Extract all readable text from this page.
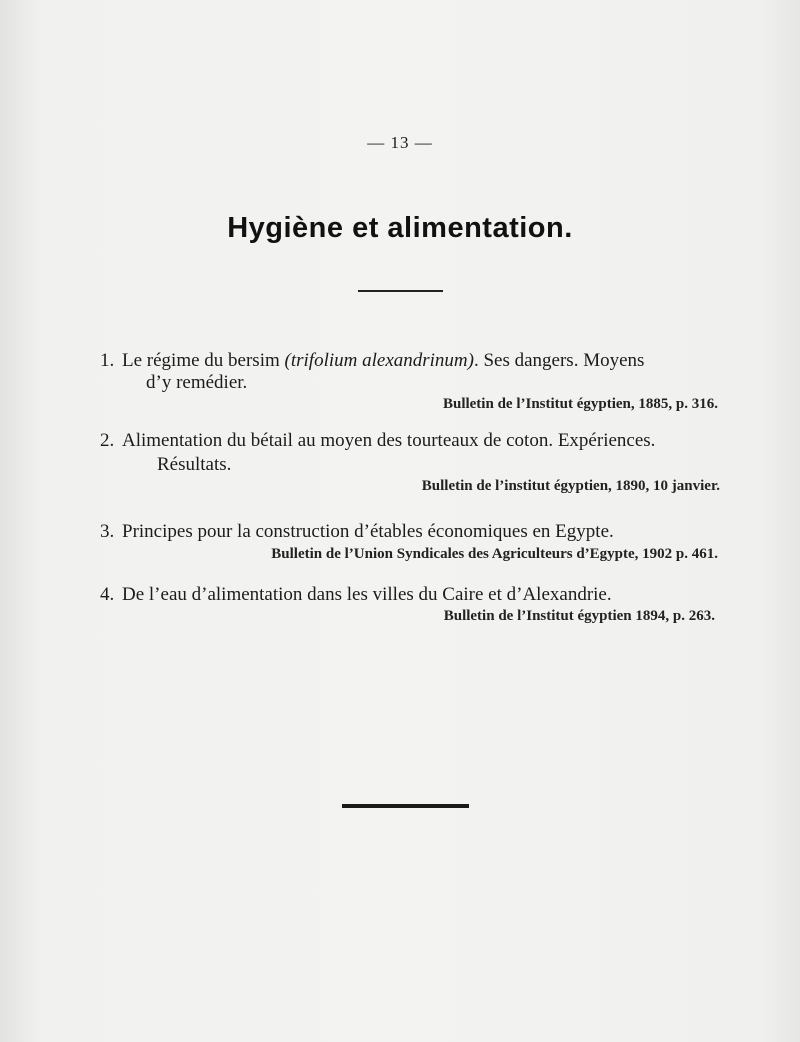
— 13 —
Hygiène et alimentation.
1. Le régime du bersim (trifolium alexandrinum). Ses dangers. Moyens
d’y remédier.
Bulletin de l’Institut égyptien, 1885, p. 316.
2. Alimentation du bétail au moyen des tourteaux de coton. Expériences.
Résultats.
Bulletin de l’institut égyptien, 1890, 10 janvier.
3. Principes pour la construction d’étables économiques en Egypte.
Bulletin de l’Union Syndicales des Agriculteurs d’Egypte, 1902 p. 461.
4. De l’eau d’alimentation dans les villes du Caire et d’Alexandrie.
Bulletin de l’Institut égyptien 1894, p. 263.
